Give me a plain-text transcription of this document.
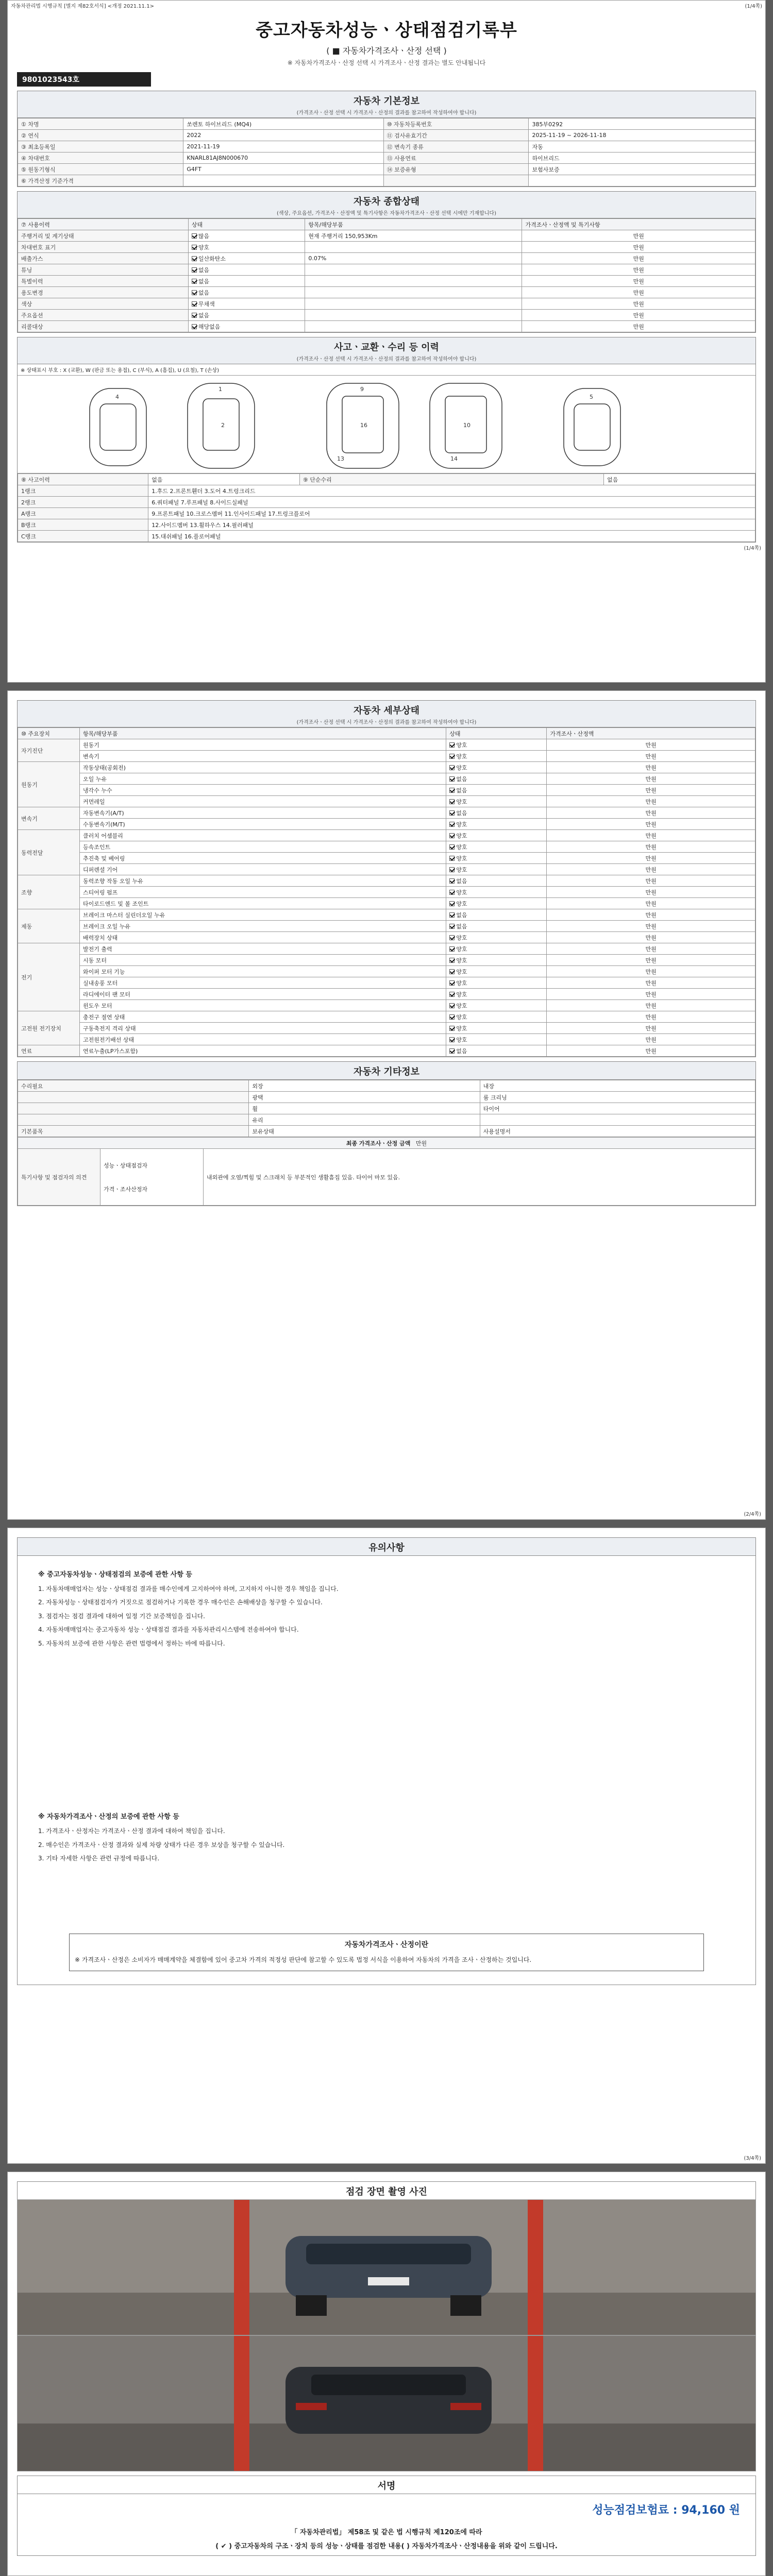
자동차관리법 시행규칙 [별지 제82호서식] <개정 2021.11.1>	(1/4쪽)
중고자동차성능ㆍ상태점검기록부
( ■ 자동차가격조사ㆍ산정 선택 )
※ 자동차가격조사ㆍ산정 선택 시 가격조사ㆍ산정 결과는 별도 안내됩니다
9801023543호
자동차 기본정보
(가격조사ㆍ산정 선택 시 가격조사ㆍ산정의 결과를 참고하여 작성하여야 합니다)
① 차명	쏘렌토 하이브리드 (MQ4)	⑩ 자동차등록번호	385부0292
② 연식	2022	⑪ 검사유효기간	2025-11-19 ~ 2026-11-18
③ 최초등록일	2021-11-19	⑫ 변속기 종류	자동
④ 차대번호	KNARL81AJ8N000670	⑬ 사용연료	하이브리드
⑤ 원동기형식	G4FT	⑭ 보증유형	보험사보증
⑥ 가격산정 기준가격			
자동차 종합상태
(색상, 주요옵션, 가격조사ㆍ산정액 및 특기사항은 자동차가격조사ㆍ산정 선택 시에만 기재합니다)
⑦ 사용이력	상태	항목/해당부품	가격조사ㆍ산정액 및 특기사항
주행거리 및 계기상태	많음	현재 주행거리 150,953Km	만원
차대번호 표기	양호		만원
배출가스	일산화탄소	0.07%	만원
튜닝	없음		만원
특별이력	없음		만원
용도변경	없음		만원
색상	무채색		만원
주요옵션	없음		만원
리콜대상	해당없음		만원
사고ㆍ교환ㆍ수리 등 이력
(가격조사ㆍ산정 선택 시 가격조사ㆍ산정의 결과를 참고하여 작성하여야 합니다)
※ 상태표시 부호 : X (교환), W (판금 또는 용접), C (부식), A (흠집), U (요철), T (손상)
4
1
2
9
16	10
5
13	14
⑧ 사고이력	없음	⑨ 단순수리	없음
1랭크	1.후드 2.프론트휀더 3.도어 4.트렁크리드		
2랭크	6.쿼터패널 7.루프패널 8.사이드실패널		
A랭크	9.프론트패널 10.크로스멤버 11.인사이드패널 17.트렁크플로어		
B랭크	12.사이드멤버 13.휠하우스 14.필러패널		
C랭크	15.대쉬패널 16.플로어패널		
(1/4쪽)
자동차 세부상태
(가격조사ㆍ산정 선택 시 가격조사ㆍ산정의 결과를 참고하여 작성하여야 합니다)
⑩ 주요장치	항목/해당부품	상태	가격조사ㆍ산정액
자기진단	원동기	양호	만원
	변속기	양호	만원
원동기	작동상태(공회전)	양호	만원
	오일 누유	없음	만원
	냉각수 누수	없음	만원
	커먼레일	양호	만원
변속기	자동변속기(A/T)	없음	만원
	수동변속기(M/T)	양호	만원
동력전달	클러치 어셈블리	양호	만원
	등속조인트	양호	만원
	추진축 및 베어링	양호	만원
	디퍼렌셜 기어	양호	만원
조향	동력조향 작동 오일 누유	없음	만원
	스티어링 펌프	양호	만원
	타이로드엔드 및 볼 조인트	양호	만원
제동	브레이크 마스터 실린더오일 누유	없음	만원
	브레이크 오일 누유	없음	만원
	배력장치 상태	양호	만원
전기	발전기 출력	양호	만원
	시동 모터	양호	만원
	와이퍼 모터 기능	양호	만원
	실내송풍 모터	양호	만원
	라디에이터 팬 모터	양호	만원
	윈도우 모터	양호	만원
고전원 전기장치	충전구 절연 상태	양호	만원
	구동축전지 격리 상태	양호	만원
	고전원전기배선 상태	양호	만원
연료	연료누출(LP가스포함)	없음	만원
자동차 기타정보
수리필요	외장	내장
	광택	룸 크리닝
	휠	타이어
	유리	
기본품목	보유상태	사용설명서
최종 가격조사ㆍ산정 금액 만원
특기사항 및 점검자의 의견	
성능ㆍ상태점검자
가격ㆍ조사산정자
	내외관에 오염/찍힘 및 스크래치 등 부분적인 생활흠집 있음. 타이어 마모 있음.
(2/4쪽)
유의사항
※ 중고자동차성능ㆍ상태점검의 보증에 관한 사항 등

1. 자동차매매업자는 성능ㆍ상태점검 결과를 매수인에게 고지하여야 하며, 고지하지 아니한 경우 책임을 집니다.

2. 자동차성능ㆍ상태점검자가 거짓으로 점검하거나 기록한 경우 매수인은 손해배상을 청구할 수 있습니다.

3. 점검자는 점검 결과에 대하여 일정 기간 보증책임을 집니다.

4. 자동차매매업자는 중고자동차 성능ㆍ상태점검 결과를 자동차관리시스템에 전송하여야 합니다.

5. 자동차의 보증에 관한 사항은 관련 법령에서 정하는 바에 따릅니다.

※ 자동차가격조사ㆍ산정의 보증에 관한 사항 등

1. 가격조사ㆍ산정자는 가격조사ㆍ산정 결과에 대하여 책임을 집니다.

2. 매수인은 가격조사ㆍ산정 결과와 실제 차량 상태가 다른 경우 보상을 청구할 수 있습니다.

3. 기타 자세한 사항은 관련 규정에 따릅니다.

자동차가격조사ㆍ산정이란
※ 가격조사ㆍ산정은 소비자가 매매계약을 체결함에 있어 중고차 가격의 적정성 판단에 참고할 수 있도록 법정 서식을 이용하여 자동차의 가격을 조사ㆍ산정하는 것입니다.
(3/4쪽)
점검 장면 촬영 사진
서명
성능점검보험료 : 94,160 원
「 자동차관리법」 제58조 및 같은 법 시행규칙 제120조에 따라
( ✔ ) 중고자동차의 구조ㆍ장치 등의 성능ㆍ상태를 점검한 내용( ) 자동차가격조사ㆍ산정내용을 위와 같이 드립니다.
